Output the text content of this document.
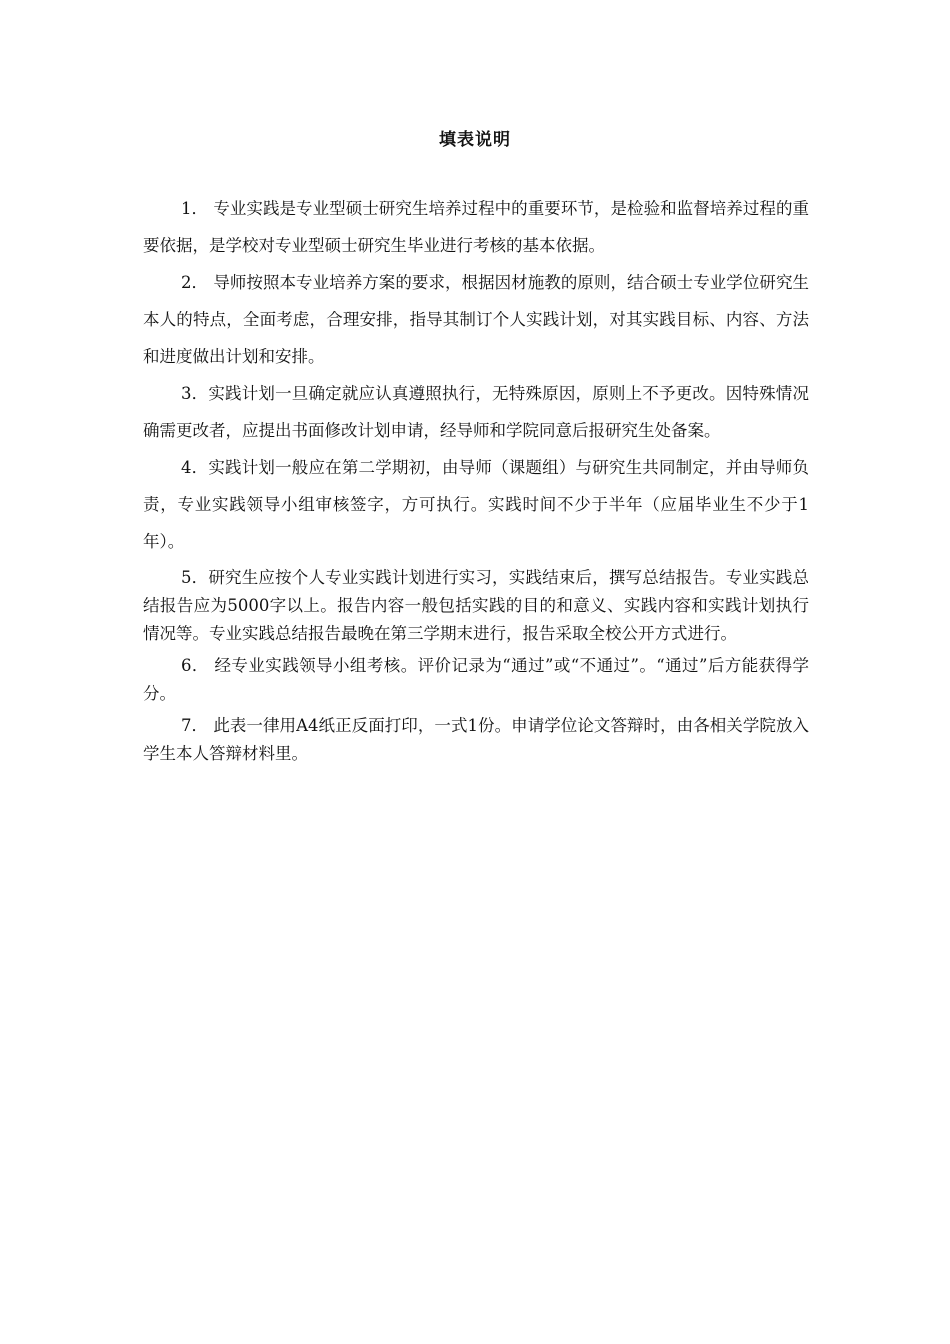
填表说明

1． 专业实践是专业型硕士研究生培养过程中的重要环节，是检验和监督培养过程的重要依据，是学校对专业型硕士研究生毕业进行考核的基本依据。

2． 导师按照本专业培养方案的要求，根据因材施教的原则，结合硕士专业学位研究生本人的特点，全面考虑，合理安排，指导其制订个人实践计划，对其实践目标、内容、方法和进度做出计划和安排。

3．实践计划一旦确定就应认真遵照执行，无特殊原因，原则上不予更改。因特殊情况确需更改者，应提出书面修改计划申请，经导师和学院同意后报研究生处备案。

4．实践计划一般应在第二学期初，由导师（课题组）与研究生共同制定，并由导师负责，专业实践领导小组审核签字，方可执行。实践时间不少于半年（应届毕业生不少于1年）。

5．研究生应按个人专业实践计划进行实习，实践结束后，撰写总结报告。专业实践总结报告应为5000字以上。报告内容一般包括实践的目的和意义、实践内容和实践计划执行情况等。专业实践总结报告最晚在第三学期末进行，报告采取全校公开方式进行。

6． 经专业实践领导小组考核。评价记录为“通过”或“不通过”。“通过”后方能获得学分。

7． 此表一律用A4纸正反面打印，一式1份。申请学位论文答辩时，由各相关学院放入学生本人答辩材料里。
